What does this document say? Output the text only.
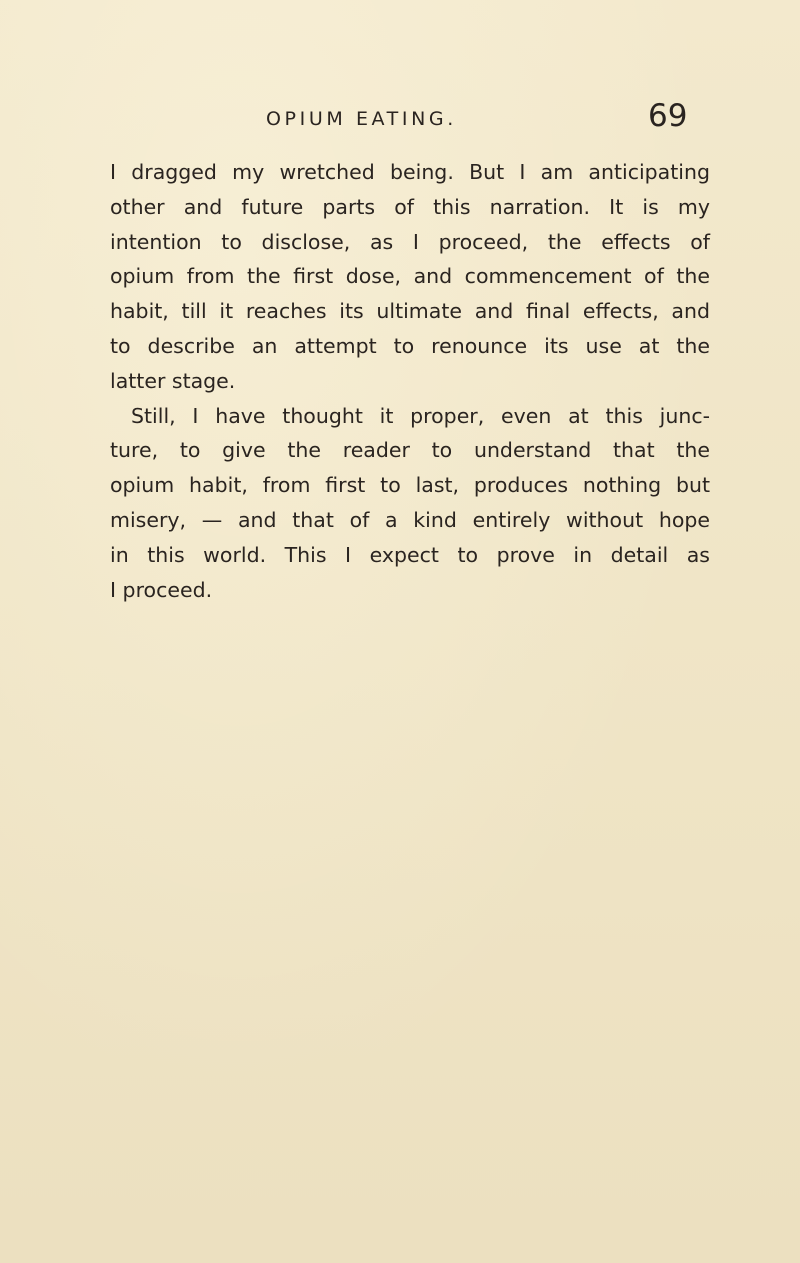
OPIUM EATING.	69

I dragged my wretched being. But I am anticipating
other and future parts of this narration. It is my
intention to disclose, as I proceed, the effects of
opium from the first dose, and commencement of the
habit, till it reaches its ultimate and final effects, and
to describe an attempt to renounce its use at the
latter stage.

Still, I have thought it proper, even at this junc-
ture, to give the reader to understand that the
opium habit, from first to last, produces nothing but
misery, — and that of a kind entirely without hope
in this world. This I expect to prove in detail as
I proceed.
